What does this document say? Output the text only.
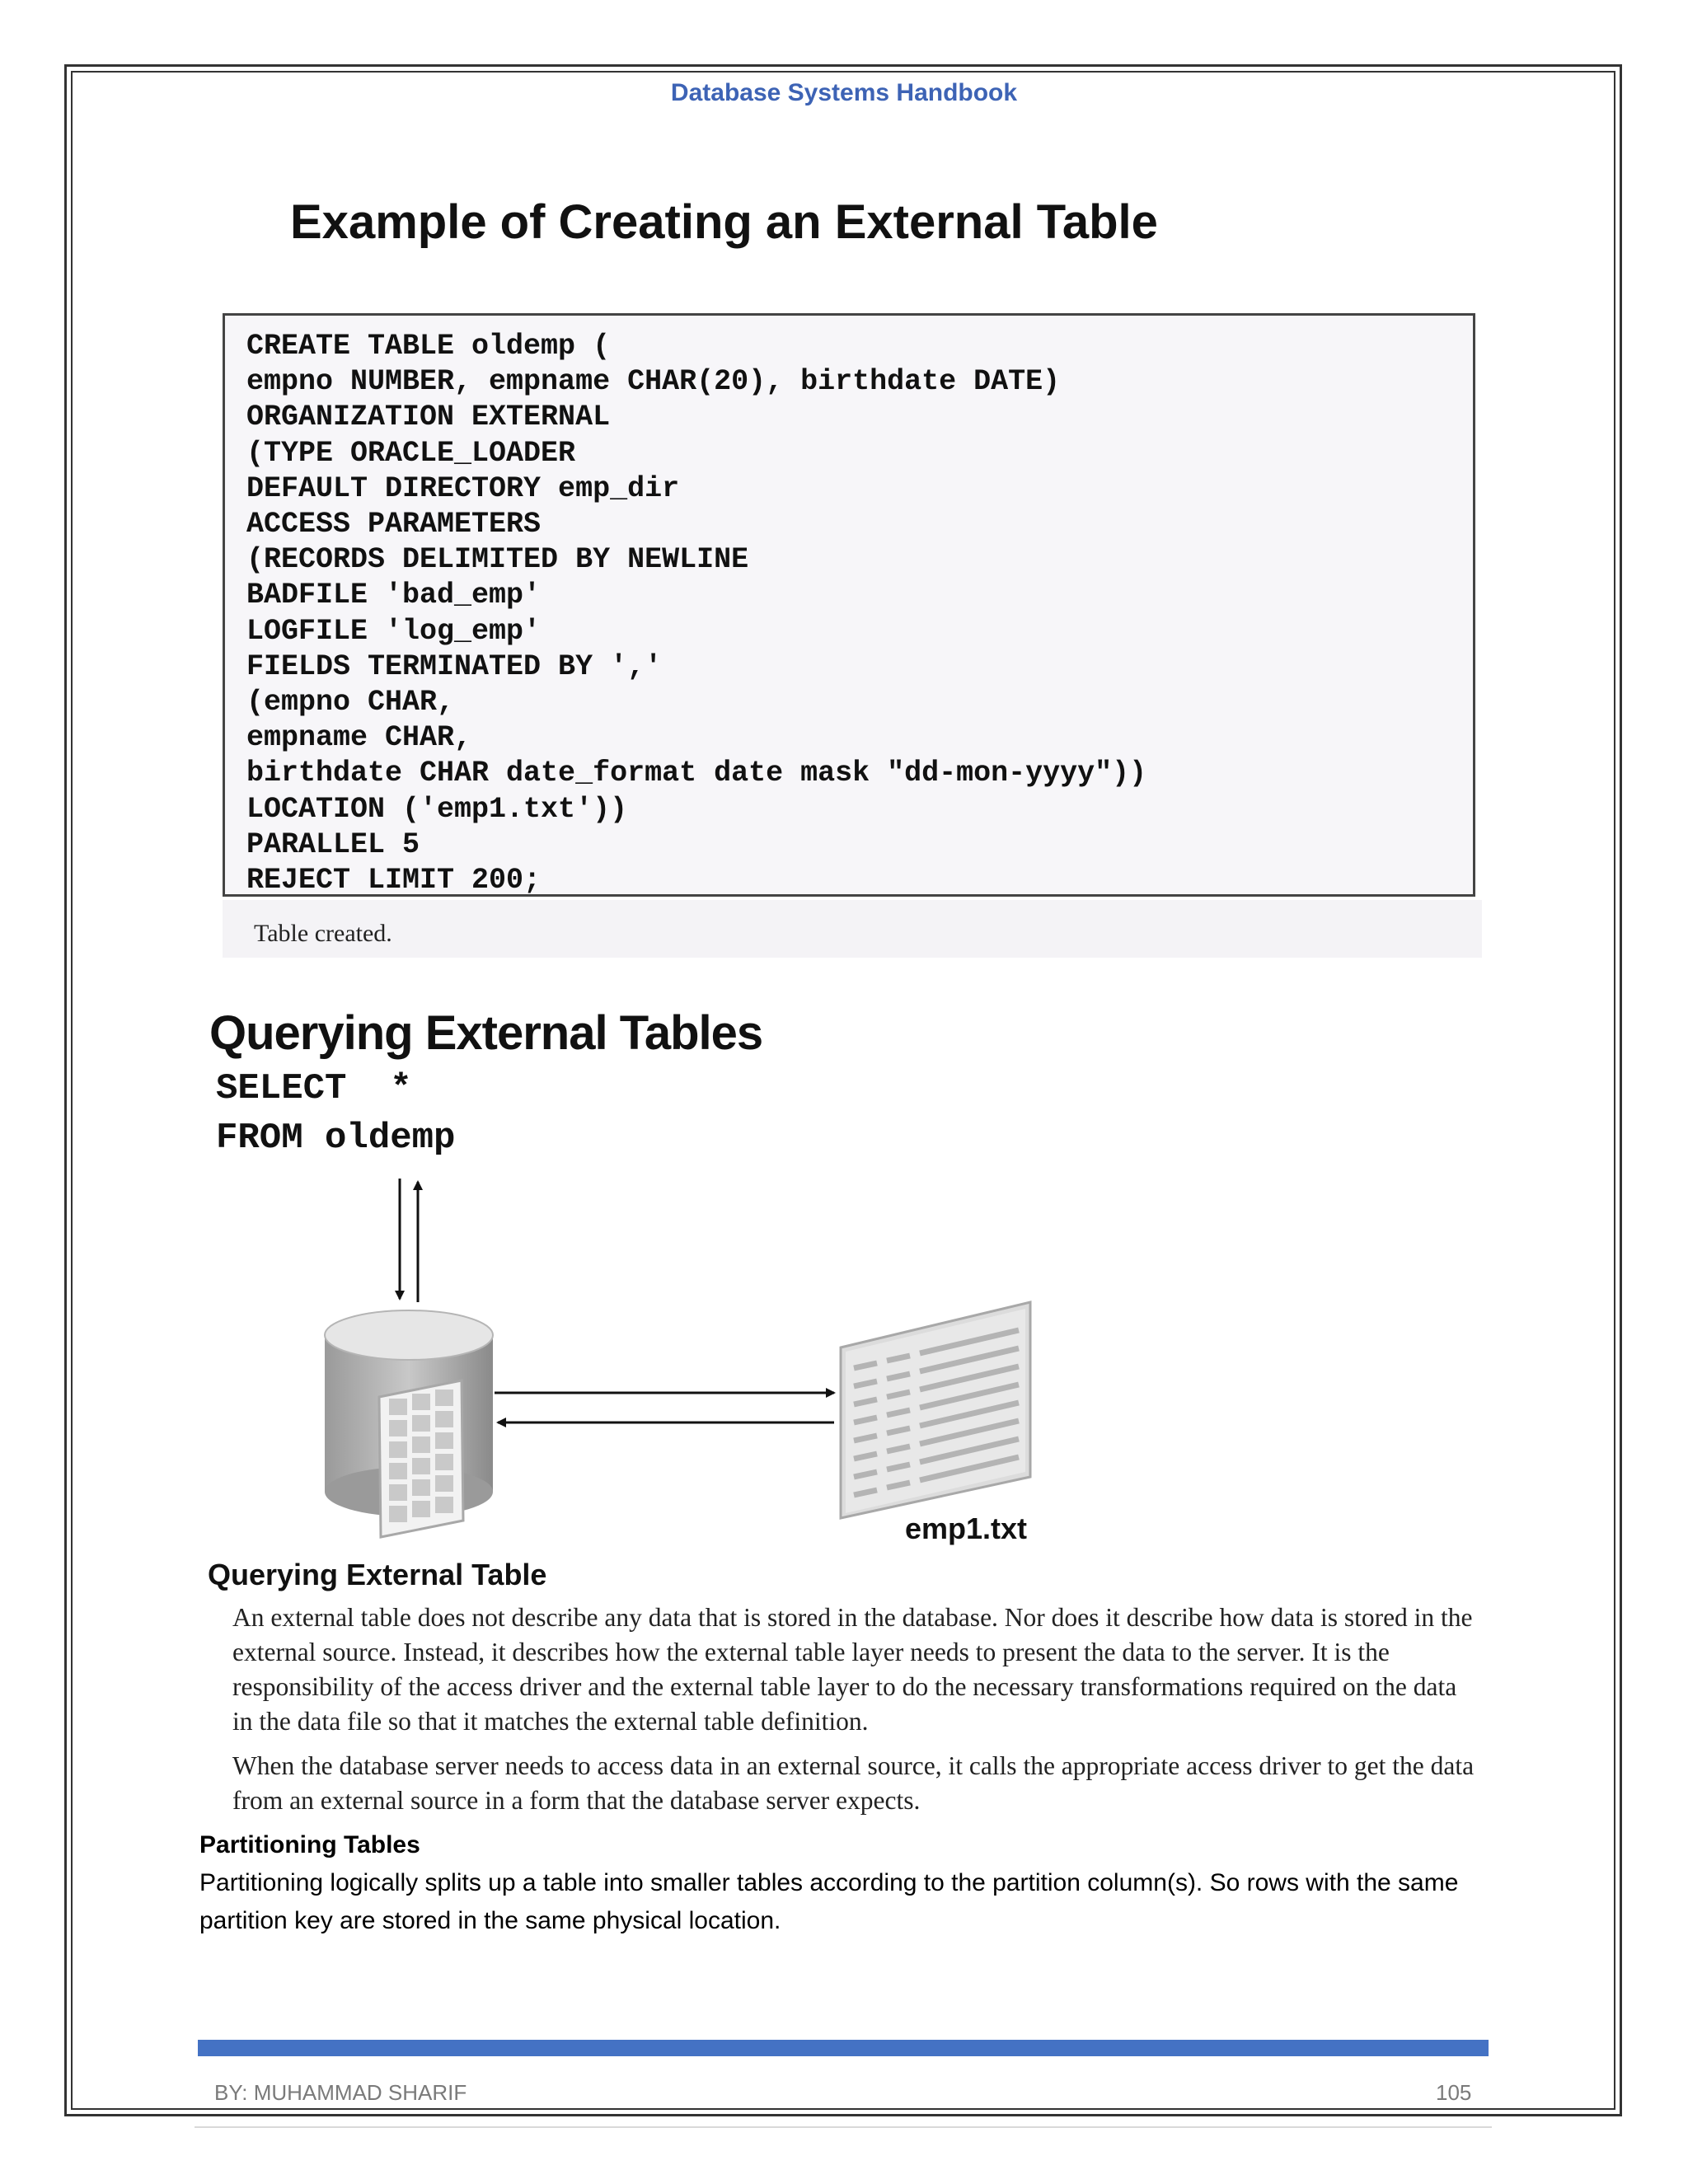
Database Systems Handbook
Example of Creating an External Table
CREATE TABLE oldemp (
empno NUMBER, empname CHAR(20), birthdate DATE)
ORGANIZATION EXTERNAL
(TYPE ORACLE_LOADER
DEFAULT DIRECTORY emp_dir
ACCESS PARAMETERS
(RECORDS DELIMITED BY NEWLINE
BADFILE 'bad_emp'
LOGFILE 'log_emp'
FIELDS TERMINATED BY ','
(empno CHAR,
empname CHAR,
birthdate CHAR date_format date mask "dd-mon-yyyy"))
LOCATION ('emp1.txt'))
PARALLEL 5
REJECT LIMIT 200;
Table created.
Querying External Tables
SELECT  *
FROM oldemp
emp1.txt
Querying External Table
An external table does not describe any data that is stored in the database. Nor does it describe how data is stored in the external source. Instead, it describes how the external table layer needs to present the data to the server. It is the responsibility of the access driver and the external table layer to do the necessary transformations required on the data in the data file so that it matches the external table definition.
When the database server needs to access data in an external source, it calls the appropriate access driver to get the data from an external source in a form that the database server expects.
Partitioning Tables
Partitioning logically splits up a table into smaller tables according to the partition column(s). So rows with the same partition key are stored in the same physical location.
BY: MUHAMMAD SHARIF	105
